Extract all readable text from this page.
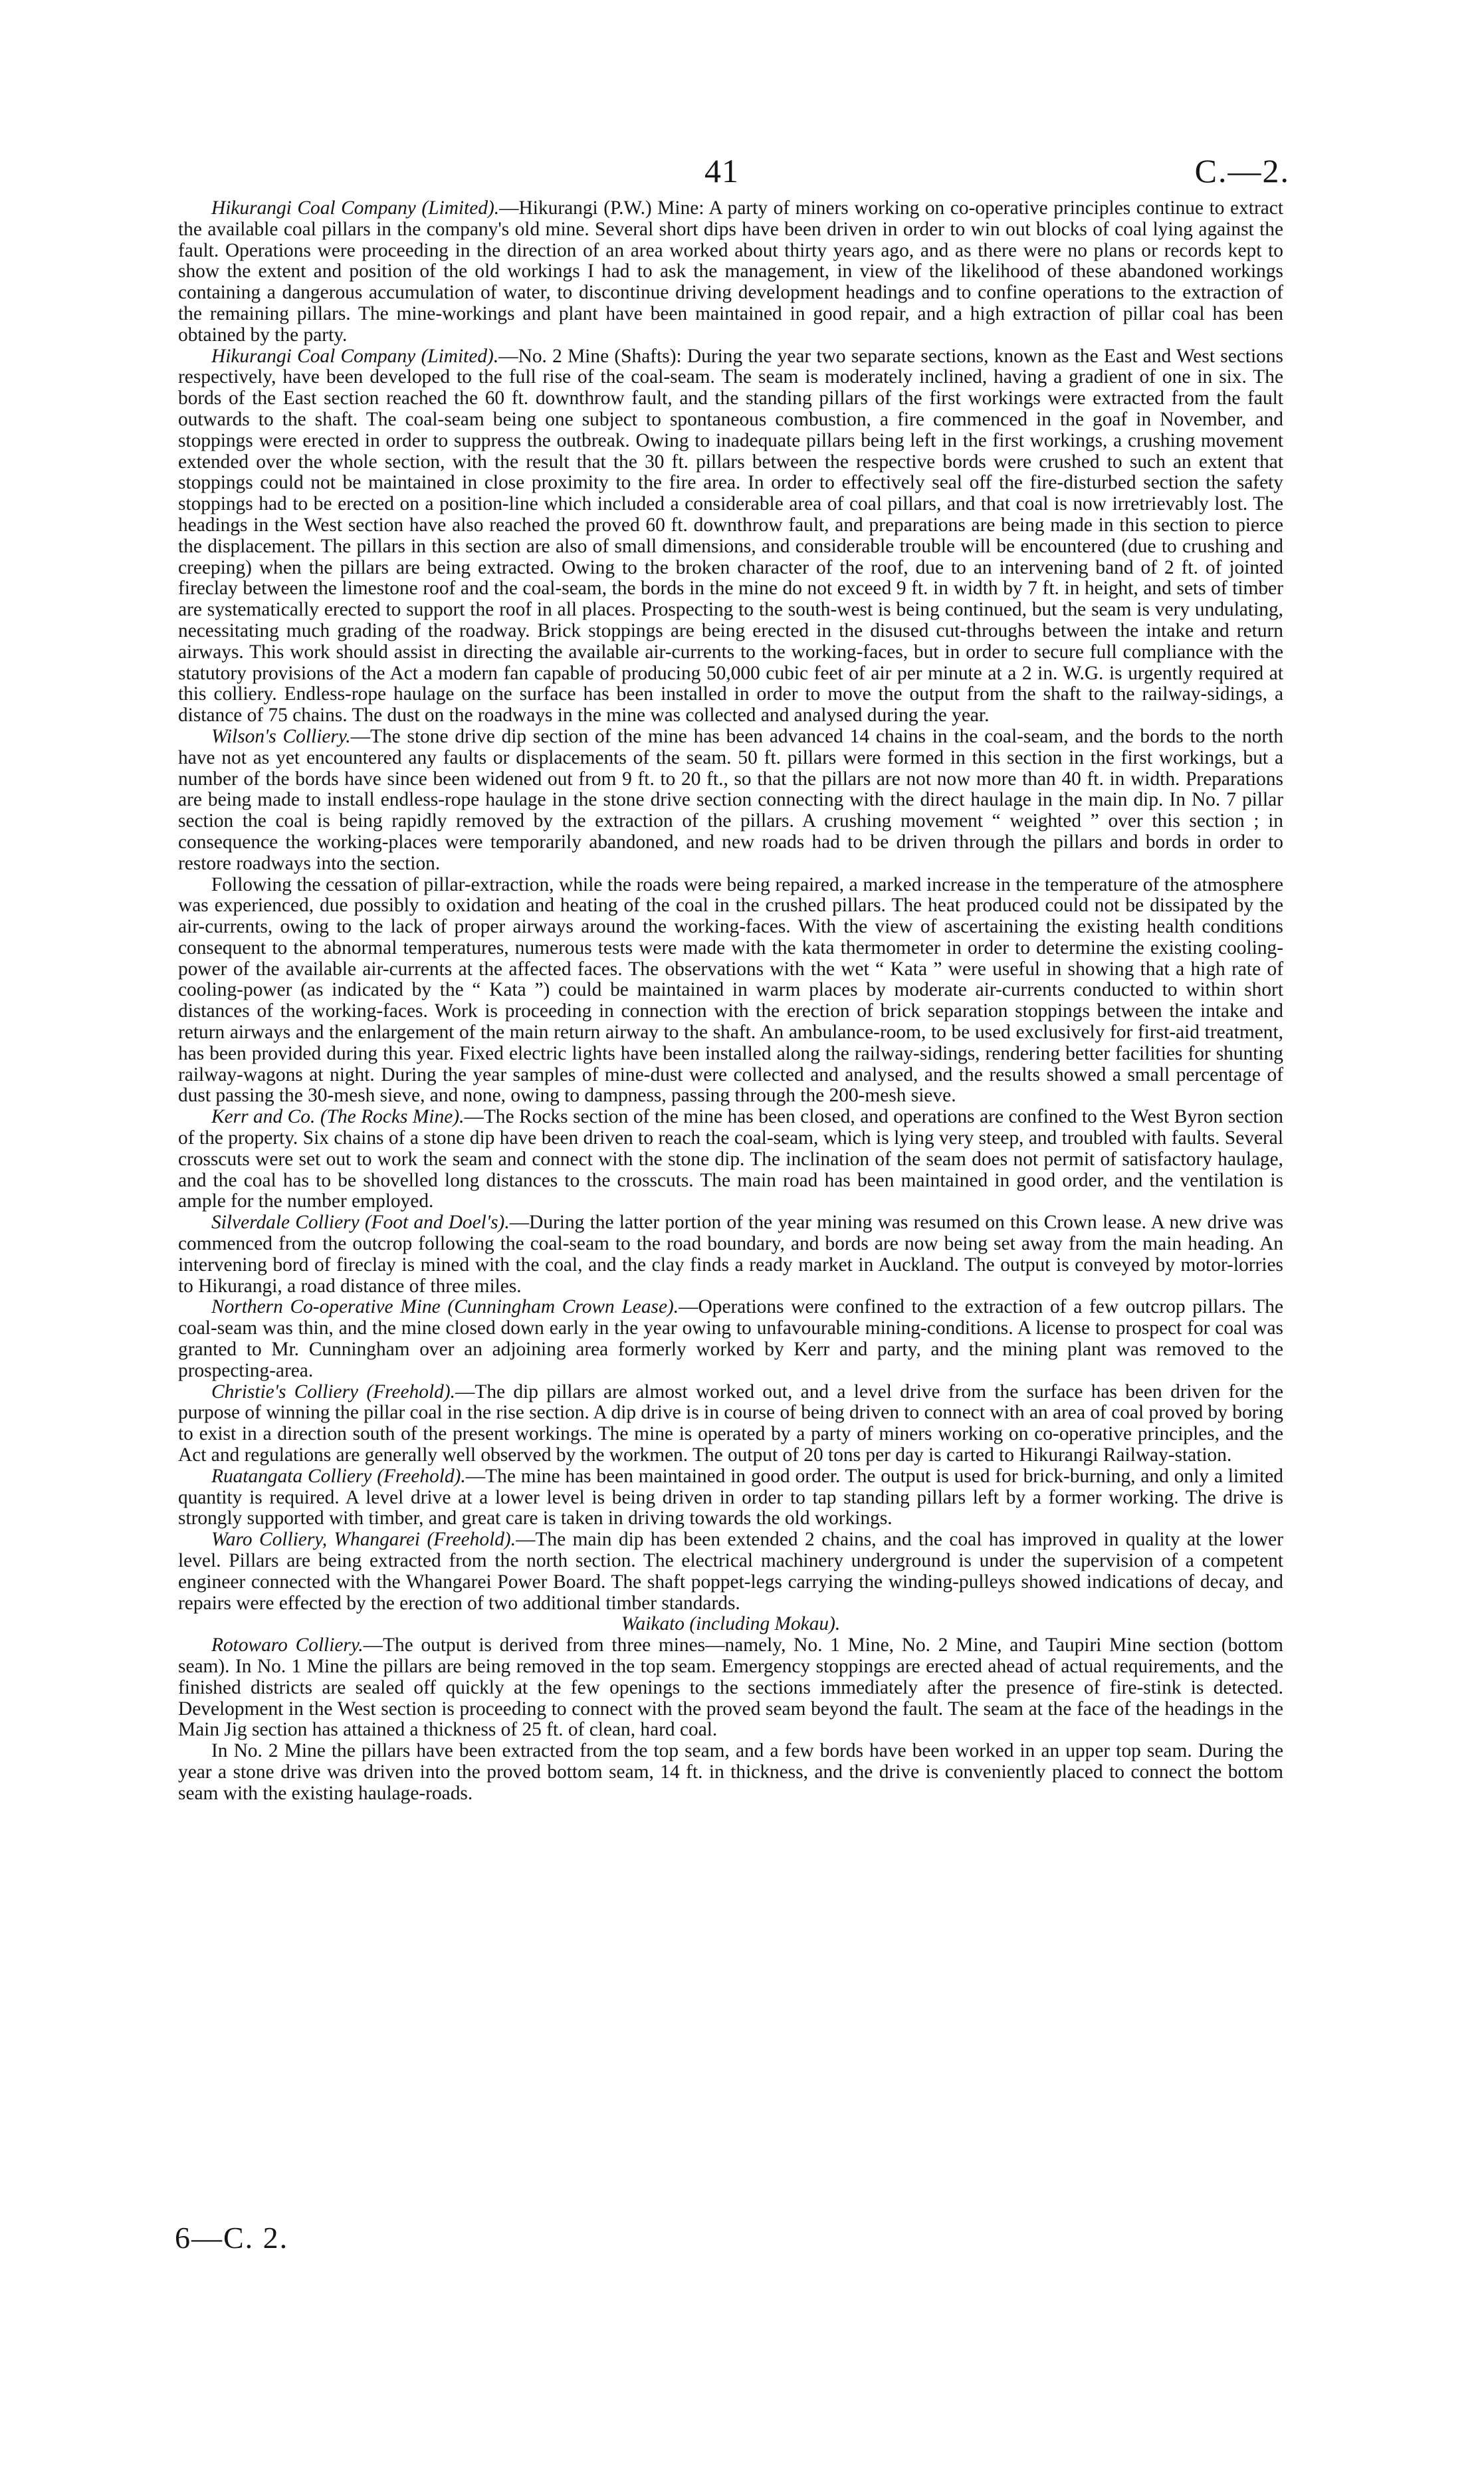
41	C.—2.

Hikurangi Coal Company (Limited).—Hikurangi (P.W.) Mine: A party of miners working on co-operative principles continue to extract the available coal pillars in the company's old mine. Several short dips have been driven in order to win out blocks of coal lying against the fault. Operations were proceeding in the direction of an area worked about thirty years ago, and as there were no plans or records kept to show the extent and position of the old workings I had to ask the management, in view of the likelihood of these abandoned workings containing a dangerous accumulation of water, to discontinue driving development headings and to confine operations to the extraction of the remaining pillars. The mine-workings and plant have been maintained in good repair, and a high extraction of pillar coal has been obtained by the party.

Hikurangi Coal Company (Limited).—No. 2 Mine (Shafts): During the year two separate sections, known as the East and West sections respectively, have been developed to the full rise of the coal-seam. The seam is moderately inclined, having a gradient of one in six. The bords of the East section reached the 60 ft. downthrow fault, and the standing pillars of the first workings were extracted from the fault outwards to the shaft. The coal-seam being one subject to spontaneous combustion, a fire commenced in the goaf in November, and stoppings were erected in order to suppress the outbreak. Owing to inadequate pillars being left in the first workings, a crushing movement extended over the whole section, with the result that the 30 ft. pillars between the respective bords were crushed to such an extent that stoppings could not be maintained in close proximity to the fire area. In order to effectively seal off the fire-disturbed section the safety stoppings had to be erected on a position-line which included a considerable area of coal pillars, and that coal is now irretrievably lost. The headings in the West section have also reached the proved 60 ft. downthrow fault, and preparations are being made in this section to pierce the displacement. The pillars in this section are also of small dimensions, and considerable trouble will be encountered (due to crushing and creeping) when the pillars are being extracted. Owing to the broken character of the roof, due to an intervening band of 2 ft. of jointed fireclay between the limestone roof and the coal-seam, the bords in the mine do not exceed 9 ft. in width by 7 ft. in height, and sets of timber are systematically erected to support the roof in all places. Prospecting to the south-west is being continued, but the seam is very undulating, necessitating much grading of the roadway. Brick stoppings are being erected in the disused cut-throughs between the intake and return airways. This work should assist in directing the available air-currents to the working-faces, but in order to secure full compliance with the statutory provisions of the Act a modern fan capable of producing 50,000 cubic feet of air per minute at a 2 in. W.G. is urgently required at this colliery. Endless-rope haulage on the surface has been installed in order to move the output from the shaft to the railway-sidings, a distance of 75 chains. The dust on the roadways in the mine was collected and analysed during the year.

Wilson's Colliery.—The stone drive dip section of the mine has been advanced 14 chains in the coal-seam, and the bords to the north have not as yet encountered any faults or displacements of the seam. 50 ft. pillars were formed in this section in the first workings, but a number of the bords have since been widened out from 9 ft. to 20 ft., so that the pillars are not now more than 40 ft. in width. Preparations are being made to install endless-rope haulage in the stone drive section connecting with the direct haulage in the main dip. In No. 7 pillar section the coal is being rapidly removed by the extraction of the pillars. A crushing movement “ weighted ” over this section ; in consequence the working-places were temporarily abandoned, and new roads had to be driven through the pillars and bords in order to restore roadways into the section.

Following the cessation of pillar-extraction, while the roads were being repaired, a marked increase in the temperature of the atmosphere was experienced, due possibly to oxidation and heating of the coal in the crushed pillars. The heat produced could not be dissipated by the air-currents, owing to the lack of proper airways around the working-faces. With the view of ascertaining the existing health conditions consequent to the abnormal temperatures, numerous tests were made with the kata thermometer in order to determine the existing cooling-power of the available air-currents at the affected faces. The observations with the wet “ Kata ” were useful in showing that a high rate of cooling-power (as indicated by the “ Kata ”) could be maintained in warm places by moderate air-currents conducted to within short distances of the working-faces. Work is proceeding in connection with the erection of brick separation stoppings between the intake and return airways and the enlargement of the main return airway to the shaft. An ambulance-room, to be used exclusively for first-aid treatment, has been provided during this year. Fixed electric lights have been installed along the railway-sidings, rendering better facilities for shunting railway-wagons at night. During the year samples of mine-dust were collected and analysed, and the results showed a small percentage of dust passing the 30-mesh sieve, and none, owing to dampness, passing through the 200-mesh sieve.

Kerr and Co. (The Rocks Mine).—The Rocks section of the mine has been closed, and operations are confined to the West Byron section of the property. Six chains of a stone dip have been driven to reach the coal-seam, which is lying very steep, and troubled with faults. Several crosscuts were set out to work the seam and connect with the stone dip. The inclination of the seam does not permit of satisfactory haulage, and the coal has to be shovelled long distances to the crosscuts. The main road has been maintained in good order, and the ventilation is ample for the number employed.

Silverdale Colliery (Foot and Doel's).—During the latter portion of the year mining was resumed on this Crown lease. A new drive was commenced from the outcrop following the coal-seam to the road boundary, and bords are now being set away from the main heading. An intervening bord of fireclay is mined with the coal, and the clay finds a ready market in Auckland. The output is conveyed by motor-lorries to Hikurangi, a road distance of three miles.

Northern Co-operative Mine (Cunningham Crown Lease).—Operations were confined to the extraction of a few outcrop pillars. The coal-seam was thin, and the mine closed down early in the year owing to unfavourable mining-conditions. A license to prospect for coal was granted to Mr. Cunningham over an adjoining area formerly worked by Kerr and party, and the mining plant was removed to the prospecting-area.

Christie's Colliery (Freehold).—The dip pillars are almost worked out, and a level drive from the surface has been driven for the purpose of winning the pillar coal in the rise section. A dip drive is in course of being driven to connect with an area of coal proved by boring to exist in a direction south of the present workings. The mine is operated by a party of miners working on co-operative principles, and the Act and regulations are generally well observed by the workmen. The output of 20 tons per day is carted to Hikurangi Railway-station.

Ruatangata Colliery (Freehold).—The mine has been maintained in good order. The output is used for brick-burning, and only a limited quantity is required. A level drive at a lower level is being driven in order to tap standing pillars left by a former working. The drive is strongly supported with timber, and great care is taken in driving towards the old workings.

Waro Colliery, Whangarei (Freehold).—The main dip has been extended 2 chains, and the coal has improved in quality at the lower level. Pillars are being extracted from the north section. The electrical machinery underground is under the supervision of a competent engineer connected with the Whangarei Power Board. The shaft poppet-legs carrying the winding-pulleys showed indications of decay, and repairs were effected by the erection of two additional timber standards.

Waikato (including Mokau).

Rotowaro Colliery.—The output is derived from three mines—namely, No. 1 Mine, No. 2 Mine, and Taupiri Mine section (bottom seam). In No. 1 Mine the pillars are being removed in the top seam. Emergency stoppings are erected ahead of actual requirements, and the finished districts are sealed off quickly at the few openings to the sections immediately after the presence of fire-stink is detected. Development in the West section is proceeding to connect with the proved seam beyond the fault. The seam at the face of the headings in the Main Jig section has attained a thickness of 25 ft. of clean, hard coal.

In No. 2 Mine the pillars have been extracted from the top seam, and a few bords have been worked in an upper top seam. During the year a stone drive was driven into the proved bottom seam, 14 ft. in thickness, and the drive is conveniently placed to connect the bottom seam with the existing haulage-roads.

6—C. 2.
